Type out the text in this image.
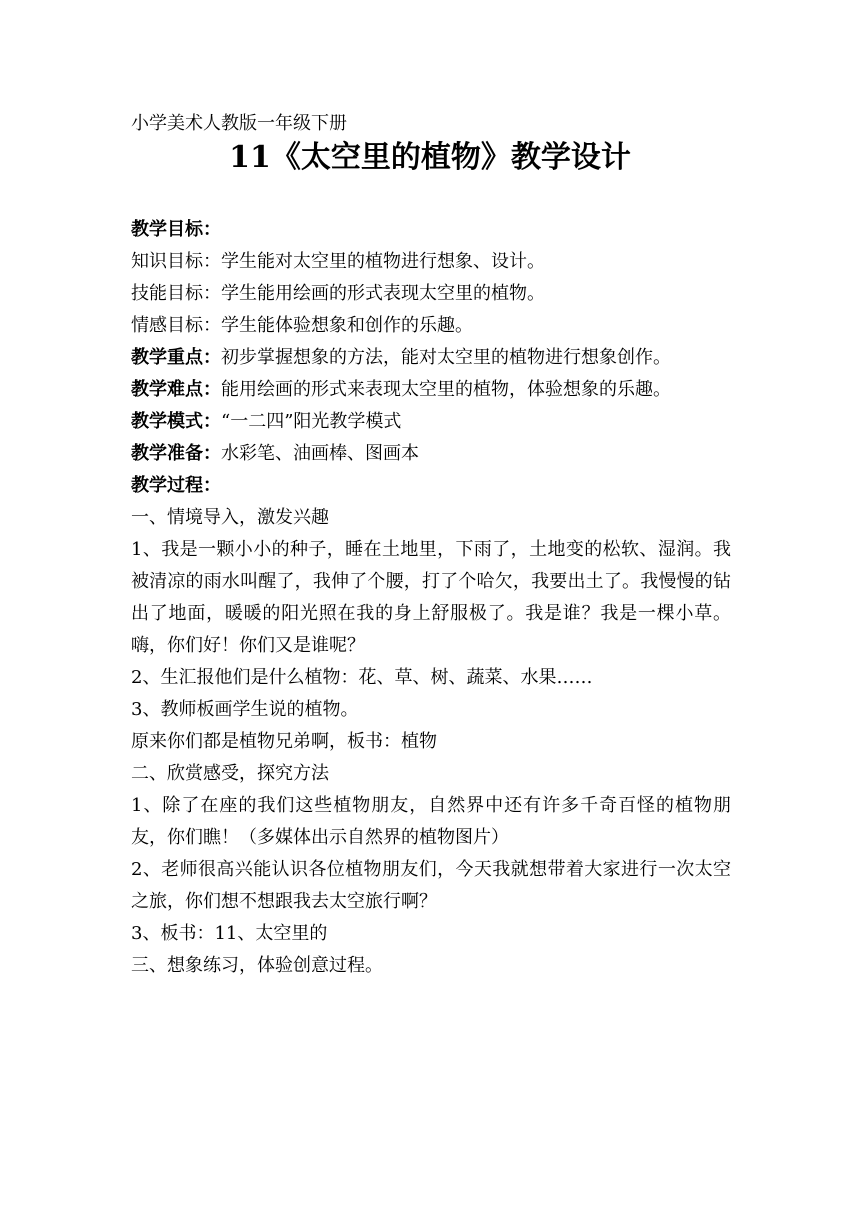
小学美术人教版一年级下册
11《太空里的植物》教学设计

教学目标：

知识目标：学生能对太空里的植物进行想象、设计。

技能目标：学生能用绘画的形式表现太空里的植物。

情感目标：学生能体验想象和创作的乐趣。

教学重点：初步掌握想象的方法，能对太空里的植物进行想象创作。

教学难点：能用绘画的形式来表现太空里的植物，体验想象的乐趣。

教学模式：“一二四”阳光教学模式

教学准备：水彩笔、油画棒、图画本

教学过程：

一、情境导入，激发兴趣

1、我是一颗小小的种子，睡在土地里，下雨了，土地变的松软、湿润。我被清凉的雨水叫醒了，我伸了个腰，打了个哈欠，我要出土了。我慢慢的钻出了地面，暖暖的阳光照在我的身上舒服极了。我是谁？我是一棵小草。嗨，你们好！你们又是谁呢？

2、生汇报他们是什么植物：花、草、树、蔬菜、水果……

3、教师板画学生说的植物。

原来你们都是植物兄弟啊，板书：植物

二、欣赏感受，探究方法

1、除了在座的我们这些植物朋友，自然界中还有许多千奇百怪的植物朋友，你们瞧！（多媒体出示自然界的植物图片）

2、老师很高兴能认识各位植物朋友们，今天我就想带着大家进行一次太空之旅，你们想不想跟我去太空旅行啊？

3、板书：11、太空里的

三、想象练习，体验创意过程。
